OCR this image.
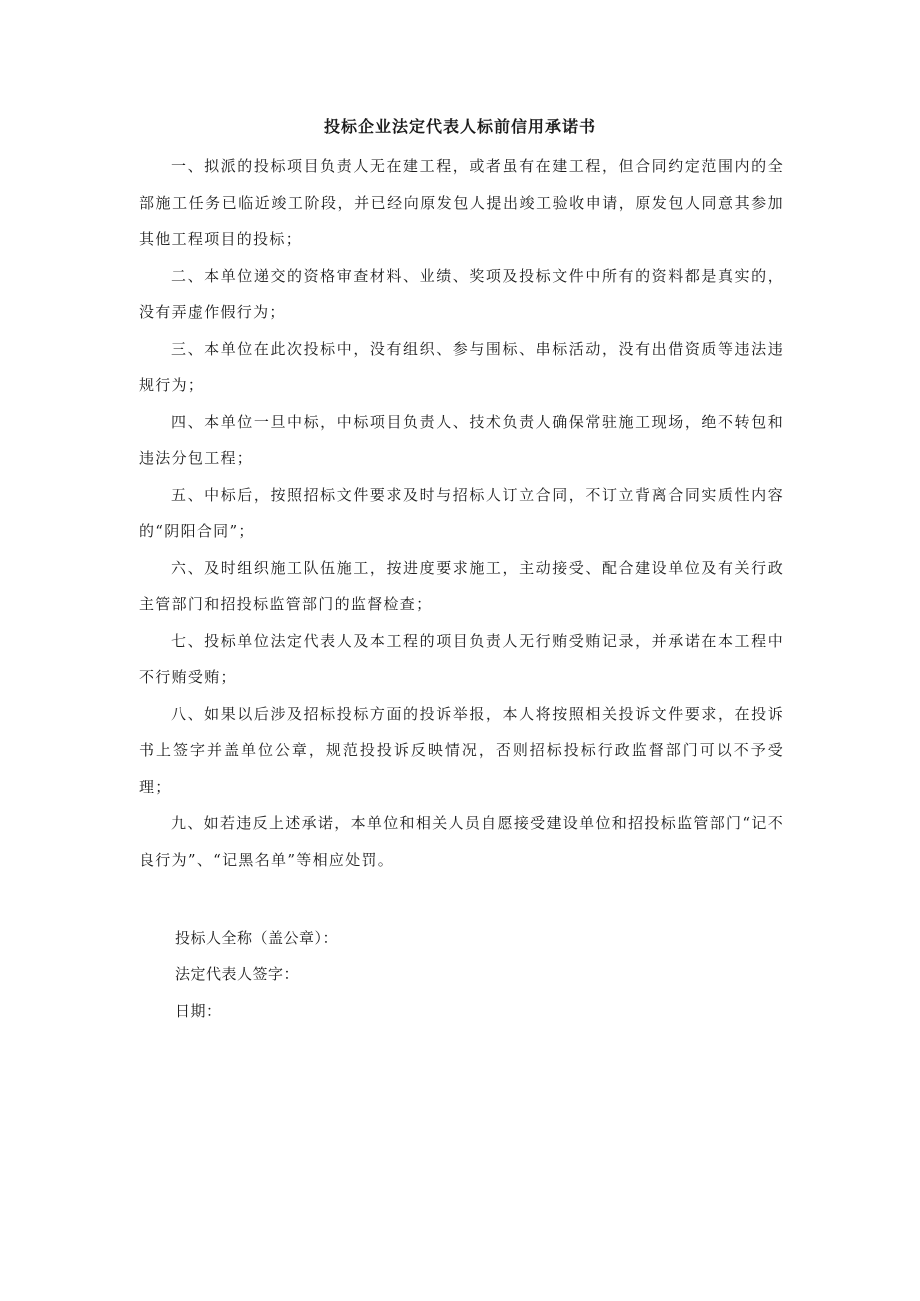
投标企业法定代表人标前信用承诺书

一、拟派的投标项目负责人无在建工程，或者虽有在建工程，但合同约定范围内的全部施工任务已临近竣工阶段，并已经向原发包人提出竣工验收申请，原发包人同意其参加其他工程项目的投标；

二、本单位递交的资格审查材料、业绩、奖项及投标文件中所有的资料都是真实的，没有弄虚作假行为；

三、本单位在此次投标中，没有组织、参与围标、串标活动，没有出借资质等违法违规行为；

四、本单位一旦中标，中标项目负责人、技术负责人确保常驻施工现场，绝不转包和违法分包工程；

五、中标后，按照招标文件要求及时与招标人订立合同，不订立背离合同实质性内容的“阴阳合同”；

六、及时组织施工队伍施工，按进度要求施工，主动接受、配合建设单位及有关行政主管部门和招投标监管部门的监督检查；

七、投标单位法定代表人及本工程的项目负责人无行贿受贿记录，并承诺在本工程中不行贿受贿；

八、如果以后涉及招标投标方面的投诉举报，本人将按照相关投诉文件要求，在投诉书上签字并盖单位公章，规范投投诉反映情况，否则招标投标行政监督部门可以不予受理；

九、如若违反上述承诺，本单位和相关人员自愿接受建设单位和招投标监管部门“记不良行为”、“记黑名单”等相应处罚。

投标人全称（盖公章）：
法定代表人签字：
日期：
